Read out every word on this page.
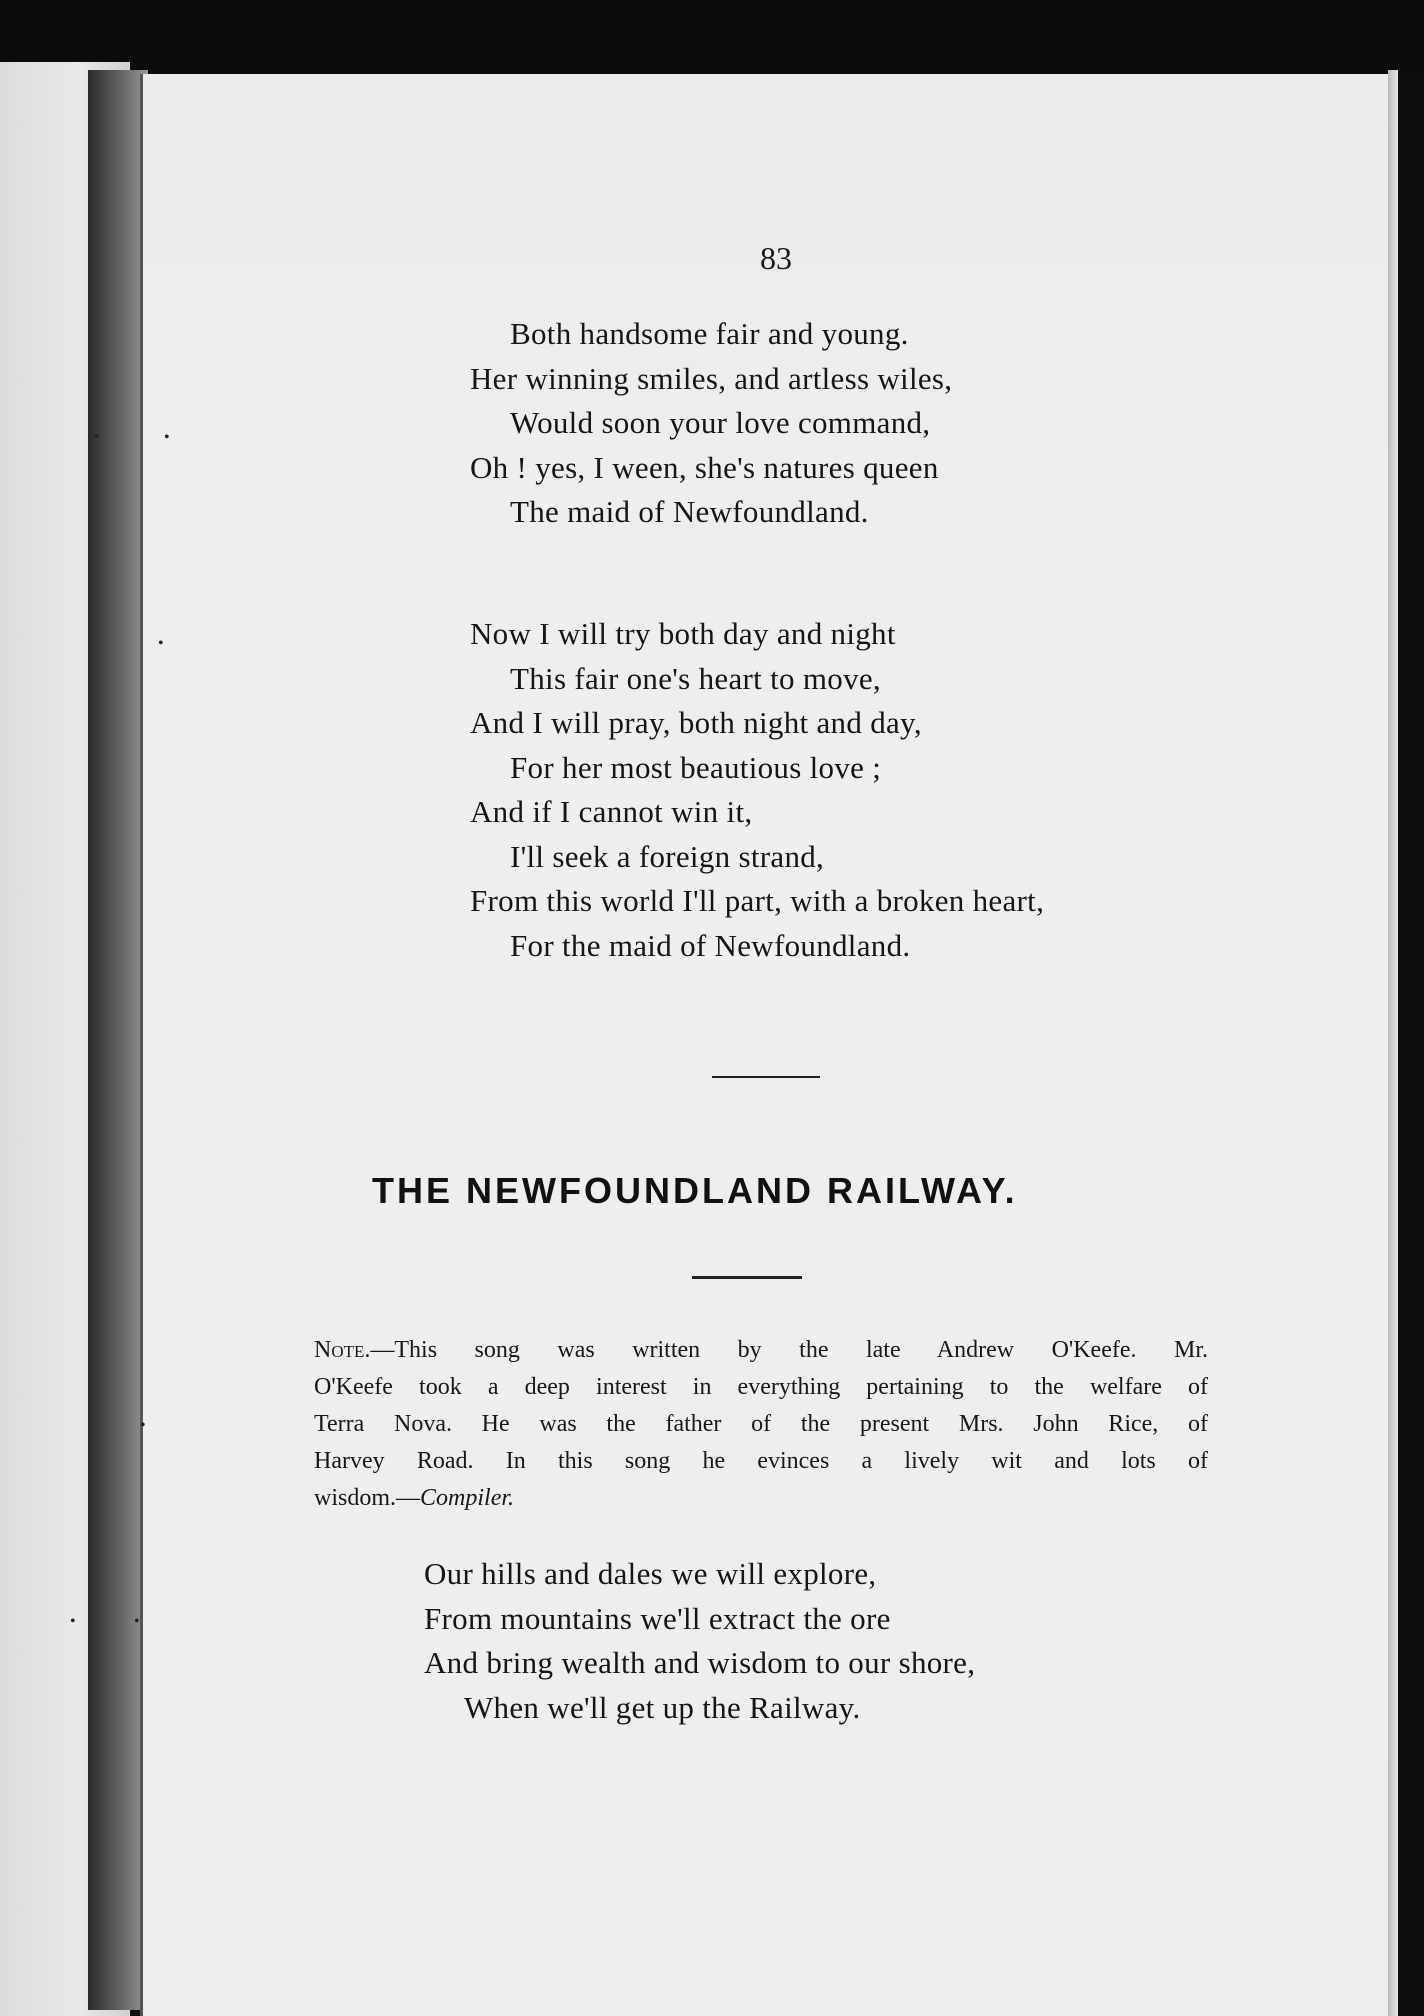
•	•
•
•
•	•
83
Both handsome fair and young.
Her winning smiles, and artless wiles,
Would soon your love command,
Oh ! yes, I ween, she's natures queen
The maid of Newfoundland.
Now I will try both day and night
This fair one's heart to move,
And I will pray, both night and day,
For her most beautious love ;
And if I cannot win it,
I'll seek a foreign strand,
From this world I'll part, with a broken heart,
For the maid of Newfoundland.
THE NEWFOUNDLAND RAILWAY.
Note.—This song was written by the late Andrew O'Keefe. Mr.
O'Keefe took a deep interest in everything pertaining to the welfare of
Terra Nova. He was the father of the present Mrs. John Rice, of
Harvey Road. In this song he evinces a lively wit and lots of
wisdom.—Compiler.
Our hills and dales we will explore,
From mountains we'll extract the ore
And bring wealth and wisdom to our shore,
When we'll get up the Railway.
